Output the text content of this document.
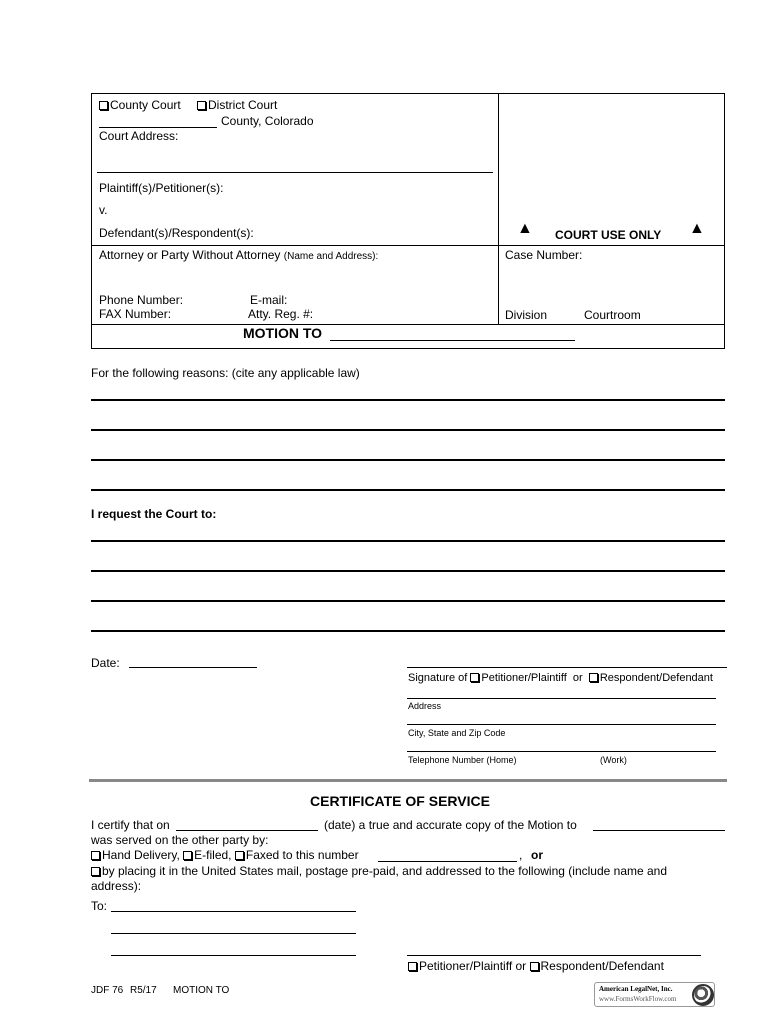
County Court	District Court
County, Colorado
Court Address:
Plaintiff(s)/Petitioner(s):
v.
Defendant(s)/Respondent(s):	▲ COURT USE ONLY ▲
Attorney or Party Without Attorney (Name and Address):	Case Number:
Phone Number:	E-mail:
FAX Number:	Atty. Reg. #:	Division	Courtroom
MOTION TO
For the following reasons: (cite any applicable law)
I request the Court to:
Date:
Signature of Petitioner/Plaintiff or Respondent/Defendant
Address
City, State and Zip Code
Telephone Number (Home)	(Work)
CERTIFICATE OF SERVICE
I certify that on	(date) a true and accurate copy of the Motion to
was served on the other party by:
Hand Delivery, E-filed, Faxed to this number	, or
by placing it in the United States mail, postage pre-paid, and addressed to the following (include name and
address):
To:
Petitioner/Plaintiff or Respondent/Defendant
JDF 76 R5/17 MOTION TO	American LegalNet, Inc.
www.FormsWorkFlow.com
